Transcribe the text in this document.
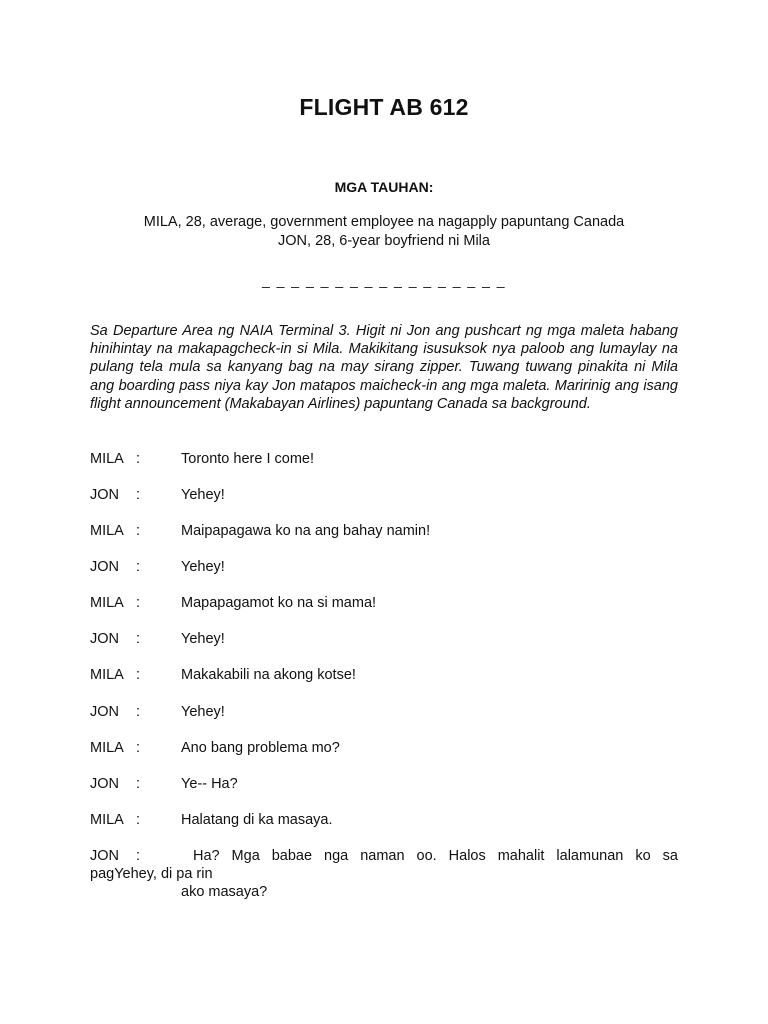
FLIGHT AB 612
MGA TAUHAN:
MILA, 28, average, government employee na nagapply papuntang Canada
JON, 28, 6-year boyfriend ni Mila
_ _ _ _ _ _ _ _ _ _ _ _ _ _ _ _ _
Sa Departure Area ng NAIA Terminal 3. Higit ni Jon ang pushcart ng mga maleta habang hinihintay na makapagcheck-in si Mila. Makikitang isusuksok nya paloob ang lumaylay na pulang tela mula sa kanyang bag na may sirang zipper. Tuwang tuwang pinakita ni Mila ang boarding pass niya kay Jon matapos maicheck-in ang mga maleta. Maririnig ang isang flight announcement (Makabayan Airlines) papuntang Canada sa background.
MILA :	Toronto here I come!
JON :	Yehey!
MILA :	Maipapagawa ko na ang bahay namin!
JON :	Yehey!
MILA :	Mapapagamot ko na si mama!
JON :	Yehey!
MILA :	Makakabili na akong kotse!
JON :	Yehey!
MILA :	Ano bang problema mo?
JON :	Ye-- Ha?
MILA :	Halatang di ka masaya.
JON	:	Ha? Mga babae nga naman oo. Halos mahalit lalamunan ko sa
pagYehey, di pa rin
ako masaya?
